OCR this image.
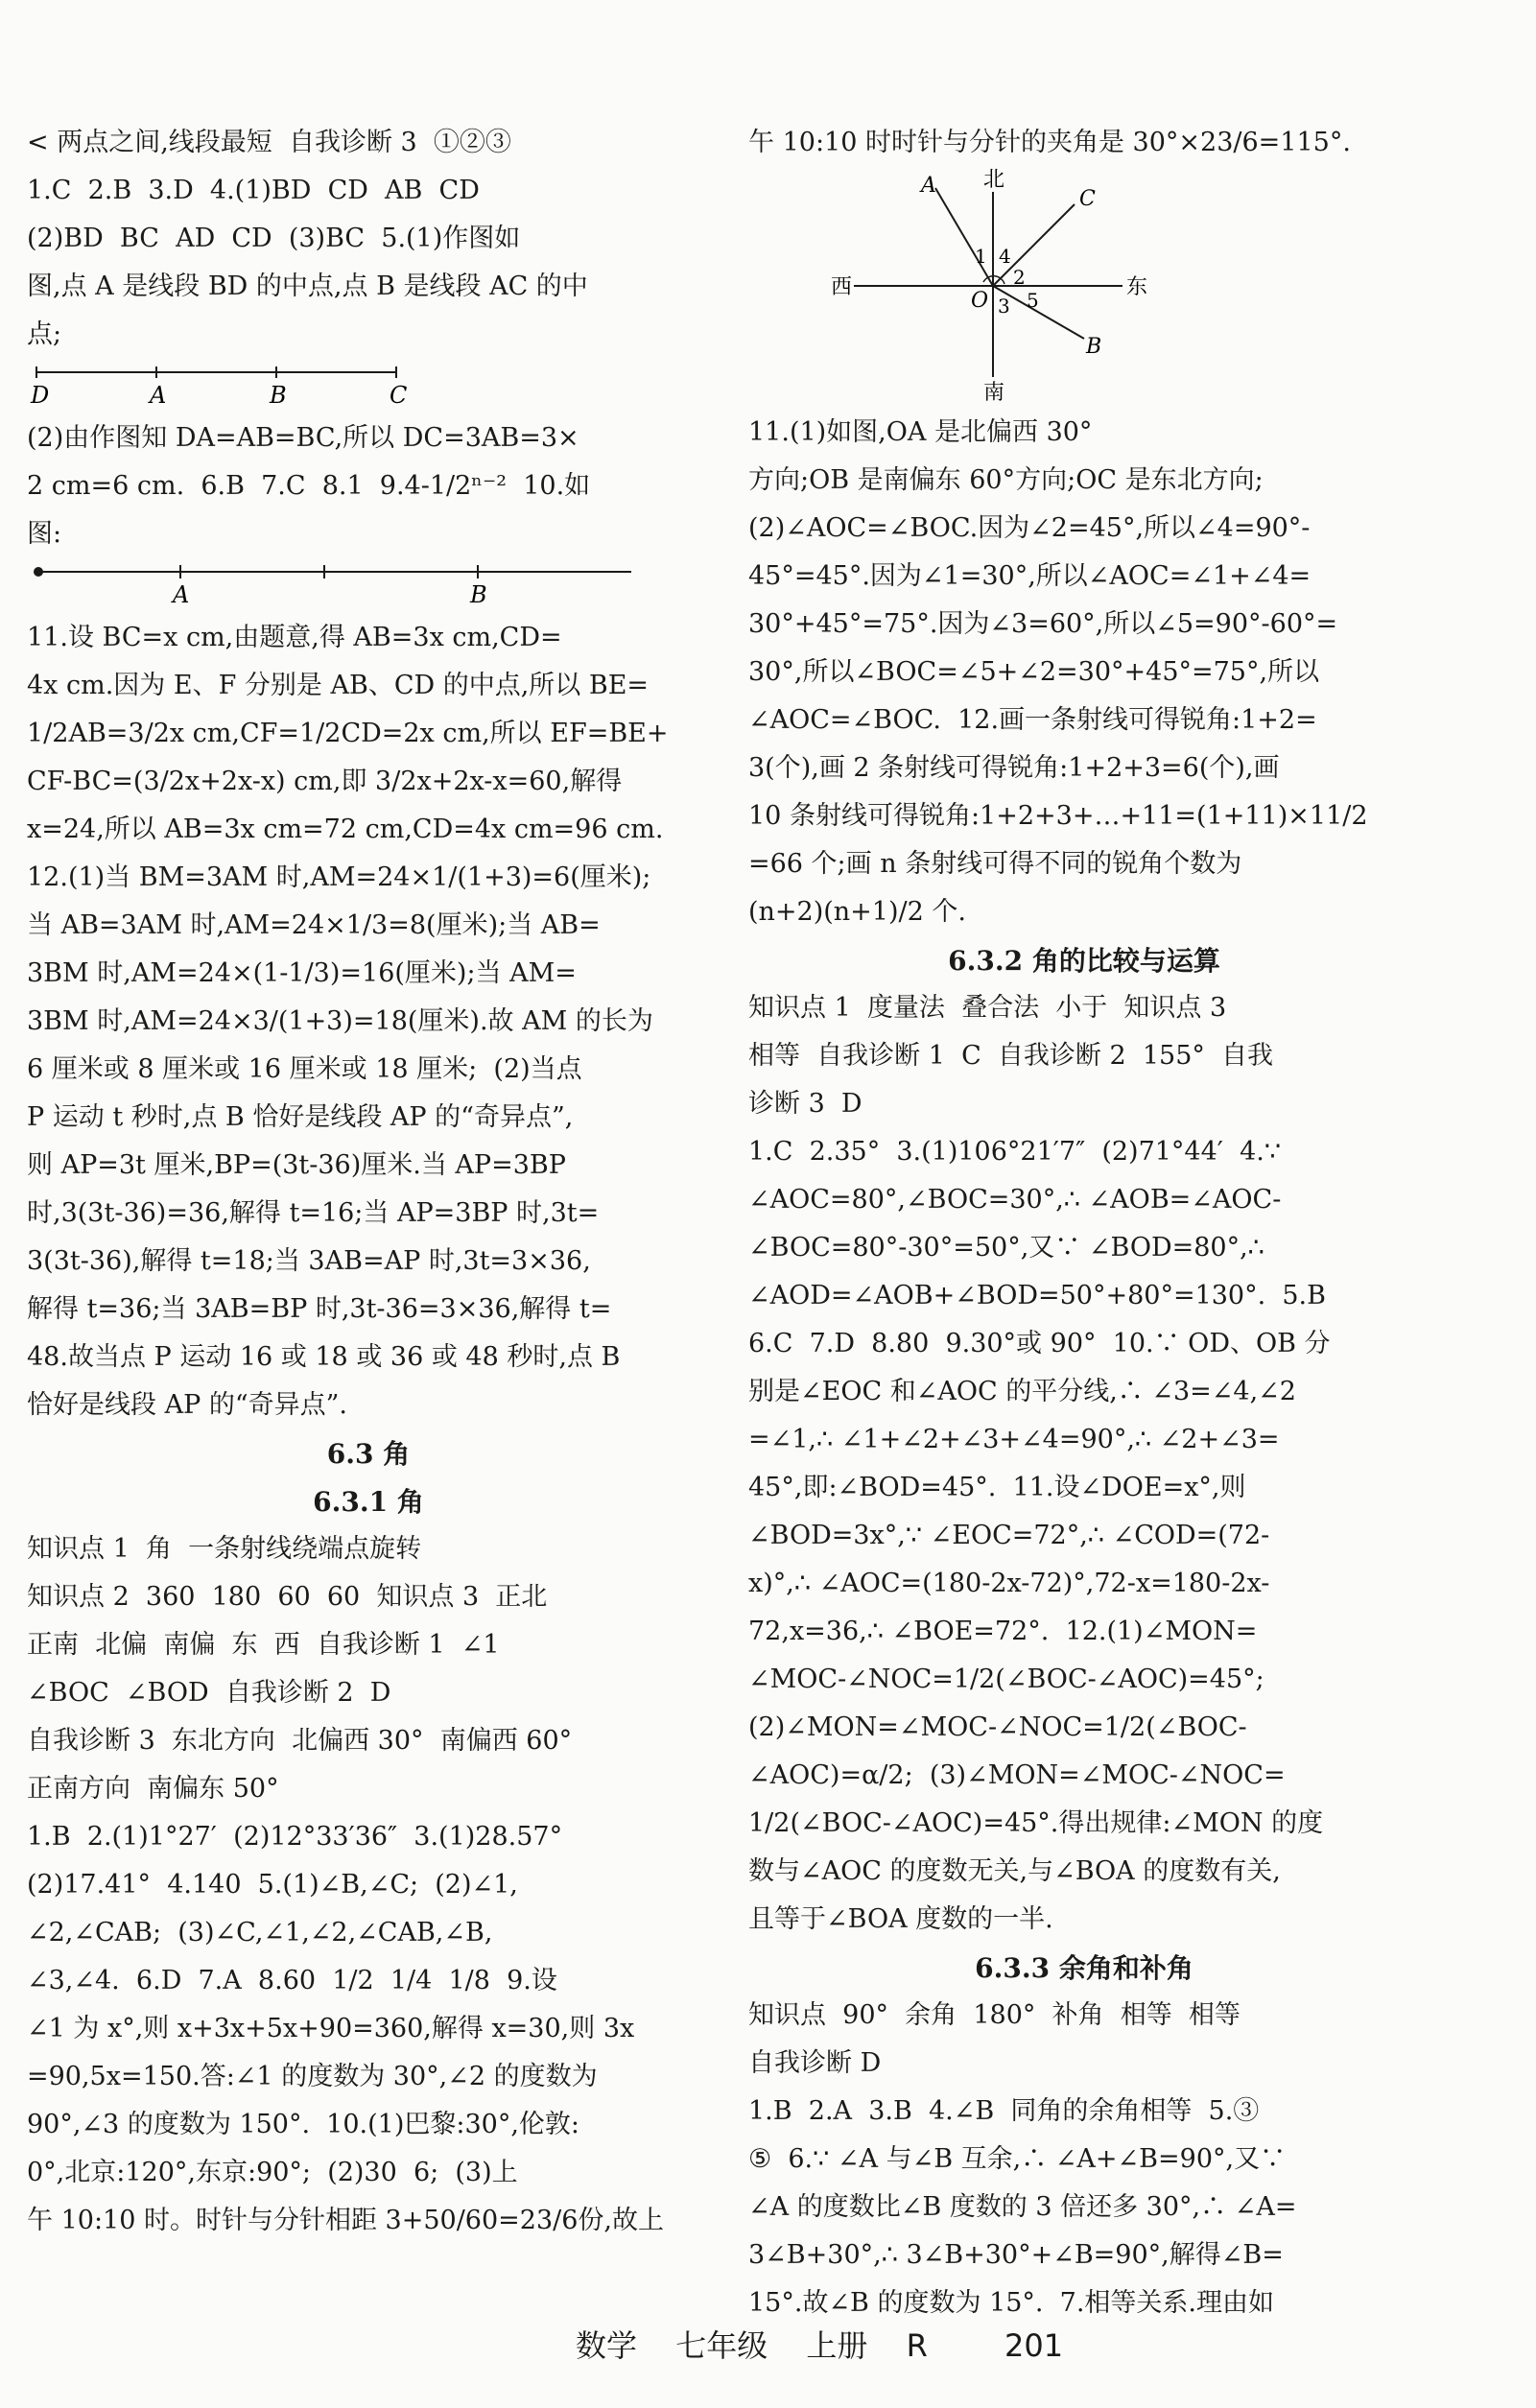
< 两点之间,线段最短  自我诊断 3  ①②③
1.C  2.B  3.D  4.(1)BD  CD  AB  CD
(2)BD  BC  AD  CD  (3)BC  5.(1)作图如
图,点 A 是线段 BD 的中点,点 B 是线段 AC 的中
点;
D	A	B	C
(2)由作图知 DA=AB=BC,所以 DC=3AB=3×
2 cm=6 cm.  6.B  7.C  8.1  9.4-1/2ⁿ⁻²  10.如
图:
A	B
11.设 BC=x cm,由题意,得 AB=3x cm,CD=
4x cm.因为 E、F 分别是 AB、CD 的中点,所以 BE=
1/2AB=3/2x cm,CF=1/2CD=2x cm,所以 EF=BE+
CF-BC=(3/2x+2x-x) cm,即 3/2x+2x-x=60,解得
x=24,所以 AB=3x cm=72 cm,CD=4x cm=96 cm.
12.(1)当 BM=3AM 时,AM=24×1/(1+3)=6(厘米);
当 AB=3AM 时,AM=24×1/3=8(厘米);当 AB=
3BM 时,AM=24×(1-1/3)=16(厘米);当 AM=
3BM 时,AM=24×3/(1+3)=18(厘米).故 AM 的长为
6 厘米或 8 厘米或 16 厘米或 18 厘米;  (2)当点
P 运动 t 秒时,点 B 恰好是线段 AP 的“奇异点”,
则 AP=3t 厘米,BP=(3t-36)厘米.当 AP=3BP
时,3(3t-36)=36,解得 t=16;当 AP=3BP 时,3t=
3(3t-36),解得 t=18;当 3AB=AP 时,3t=3×36,
解得 t=36;当 3AB=BP 时,3t-36=3×36,解得 t=
48.故当点 P 运动 16 或 18 或 36 或 48 秒时,点 B
恰好是线段 AP 的“奇异点”.
6.3 角
6.3.1 角
知识点 1  角  一条射线绕端点旋转
知识点 2  360  180  60  60  知识点 3  正北
正南  北偏  南偏  东  西  自我诊断 1  ∠1
∠BOC  ∠BOD  自我诊断 2  D
自我诊断 3  东北方向  北偏西 30°  南偏西 60°
正南方向  南偏东 50°
1.B  2.(1)1°27′  (2)12°33′36″  3.(1)28.57°
(2)17.41°  4.140  5.(1)∠B,∠C;  (2)∠1,
∠2,∠CAB;  (3)∠C,∠1,∠2,∠CAB,∠B,
∠3,∠4.  6.D  7.A  8.60  1/2  1/4  1/8  9.设
∠1 为 x°,则 x+3x+5x+90=360,解得 x=30,则 3x
=90,5x=150.答:∠1 的度数为 30°,∠2 的度数为
90°,∠3 的度数为 150°.  10.(1)巴黎:30°,伦敦:
0°,北京:120°,东京:90°;  (2)30  6;  (3)上
午 10:10 时。时针与分针相距 3+50/60=23/6份,故上
午 10:10 时时针与分针的夹角是 30°×23/6=115°.
北
南
东
西
A
C
B
O
1 4
2
3 5
11.(1)如图,OA 是北偏西 30°
方向;OB 是南偏东 60°方向;OC 是东北方向;
(2)∠AOC=∠BOC.因为∠2=45°,所以∠4=90°-
45°=45°.因为∠1=30°,所以∠AOC=∠1+∠4=
30°+45°=75°.因为∠3=60°,所以∠5=90°-60°=
30°,所以∠BOC=∠5+∠2=30°+45°=75°,所以
∠AOC=∠BOC.  12.画一条射线可得锐角:1+2=
3(个),画 2 条射线可得锐角:1+2+3=6(个),画
10 条射线可得锐角:1+2+3+…+11=(1+11)×11/2
=66 个;画 n 条射线可得不同的锐角个数为
(n+2)(n+1)/2 个.
6.3.2 角的比较与运算
知识点 1  度量法  叠合法  小于  知识点 3
相等  自我诊断 1  C  自我诊断 2  155°  自我
诊断 3  D
1.C  2.35°  3.(1)106°21′7″  (2)71°44′  4.∵
∠AOC=80°,∠BOC=30°,∴ ∠AOB=∠AOC-
∠BOC=80°-30°=50°,又∵ ∠BOD=80°,∴
∠AOD=∠AOB+∠BOD=50°+80°=130°.  5.B
6.C  7.D  8.80  9.30°或 90°  10.∵ OD、OB 分
别是∠EOC 和∠AOC 的平分线,∴ ∠3=∠4,∠2
=∠1,∴ ∠1+∠2+∠3+∠4=90°,∴ ∠2+∠3=
45°,即:∠BOD=45°.  11.设∠DOE=x°,则
∠BOD=3x°,∵ ∠EOC=72°,∴ ∠COD=(72-
x)°,∴ ∠AOC=(180-2x-72)°,72-x=180-2x-
72,x=36,∴ ∠BOE=72°.  12.(1)∠MON=
∠MOC-∠NOC=1/2(∠BOC-∠AOC)=45°;
(2)∠MON=∠MOC-∠NOC=1/2(∠BOC-
∠AOC)=α/2;  (3)∠MON=∠MOC-∠NOC=
1/2(∠BOC-∠AOC)=45°.得出规律:∠MON 的度
数与∠AOC 的度数无关,与∠BOA 的度数有关,
且等于∠BOA 度数的一半.
6.3.3 余角和补角
知识点  90°  余角  180°  补角  相等  相等
自我诊断 D
1.B  2.A  3.B  4.∠B  同角的余角相等  5.③
⑤  6.∵ ∠A 与∠B 互余,∴ ∠A+∠B=90°,又∵
∠A 的度数比∠B 度数的 3 倍还多 30°,∴ ∠A=
3∠B+30°,∴ 3∠B+30°+∠B=90°,解得∠B=
15°.故∠B 的度数为 15°.  7.相等关系.理由如
数学 七年级 上册 R	201
